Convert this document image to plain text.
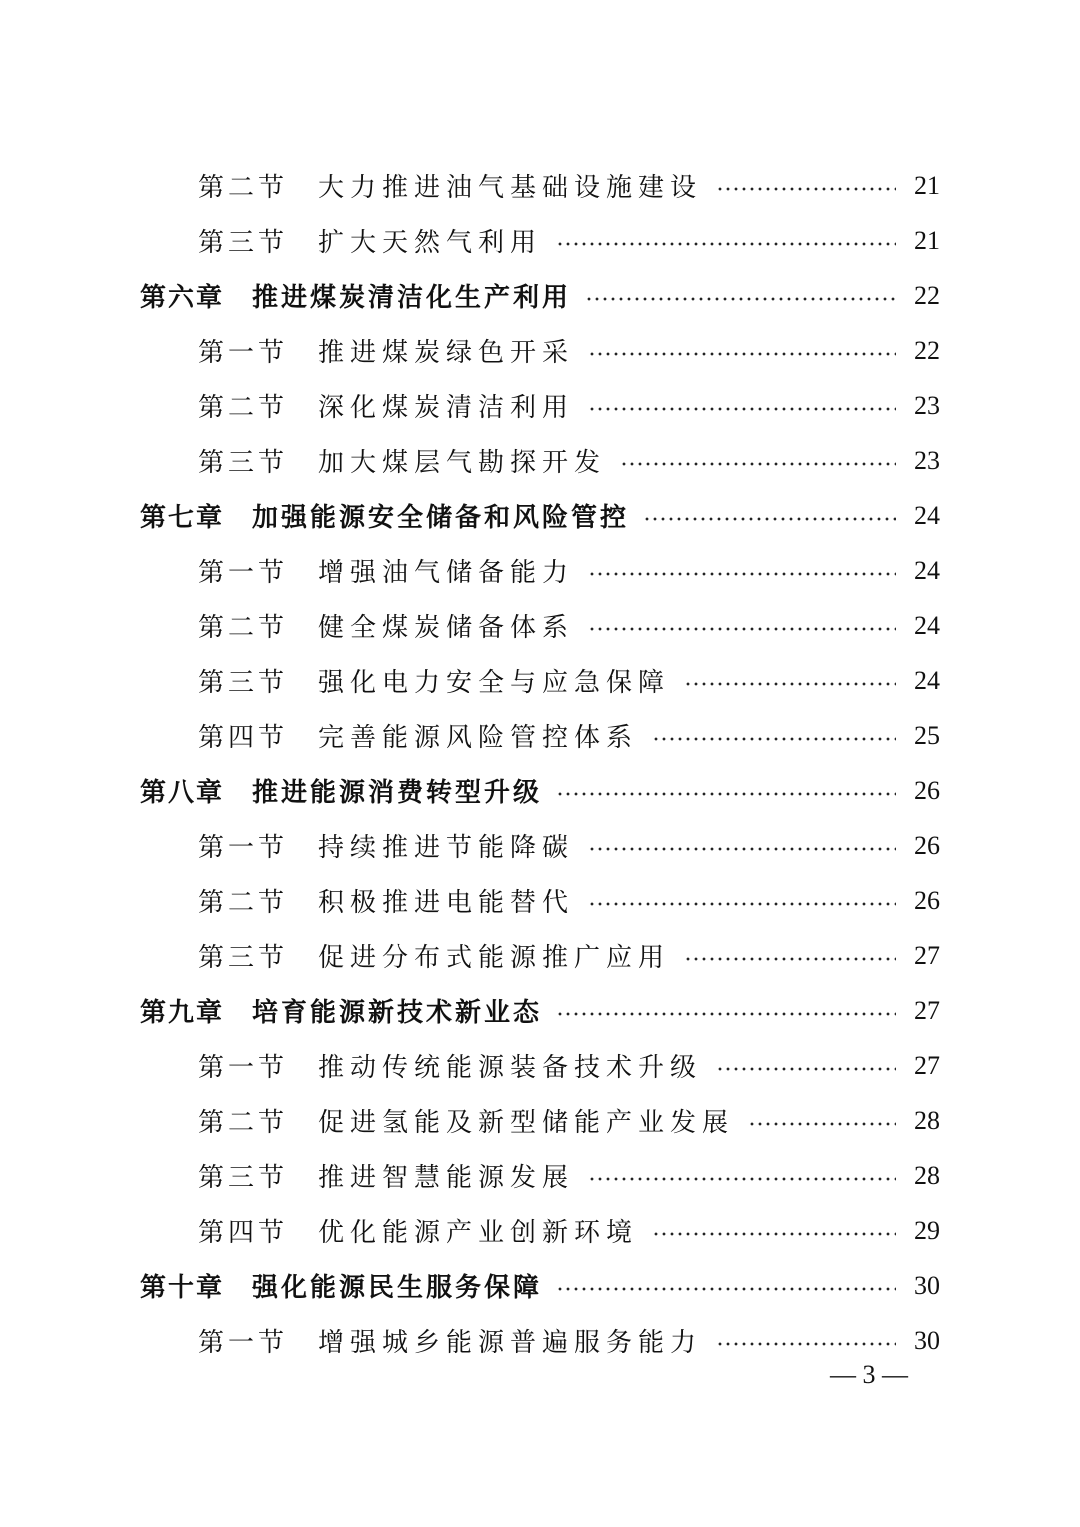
第二节 大力推进油气基础设施建设	21
第三节 扩大天然气利用	21
第六章 推进煤炭清洁化生产利用	22
第一节 推进煤炭绿色开采	22
第二节 深化煤炭清洁利用	23
第三节 加大煤层气勘探开发	23
第七章 加强能源安全储备和风险管控	24
第一节 增强油气储备能力	24
第二节 健全煤炭储备体系	24
第三节 强化电力安全与应急保障	24
第四节 完善能源风险管控体系	25
第八章 推进能源消费转型升级	26
第一节 持续推进节能降碳	26
第二节 积极推进电能替代	26
第三节 促进分布式能源推广应用	27
第九章 培育能源新技术新业态	27
第一节 推动传统能源装备技术升级	27
第二节 促进氢能及新型储能产业发展	28
第三节 推进智慧能源发展	28
第四节 优化能源产业创新环境	29
第十章 强化能源民生服务保障	30
第一节 增强城乡能源普遍服务能力	30
— 3 —
